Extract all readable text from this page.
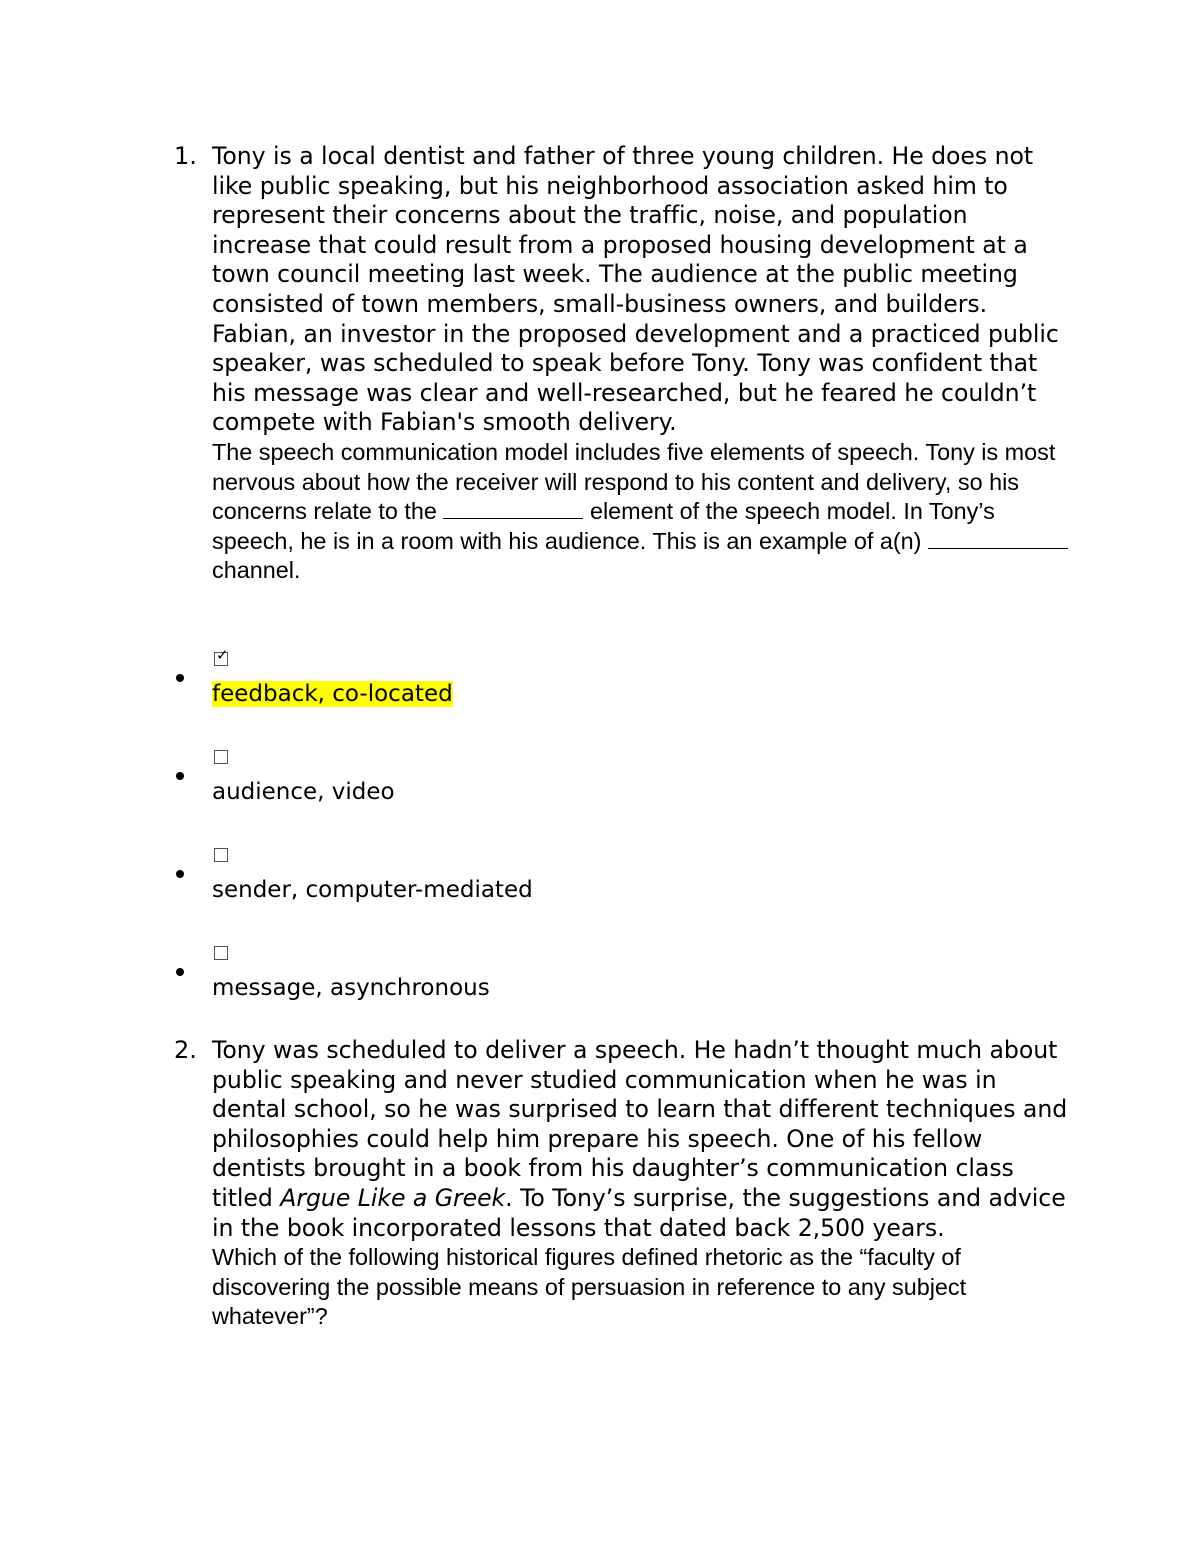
1. Tony is a local dentist and father of three young children. He does not like public speaking, but his neighborhood association asked him to represent their concerns about the traffic, noise, and population increase that could result from a proposed housing development at a town council meeting last week. The audience at the public meeting consisted of town members, small-business owners, and builders.

Fabian, an investor in the proposed development and a practiced public speaker, was scheduled to speak before Tony. Tony was confident that his message was clear and well-researched, but he feared he couldn’t compete with Fabian's smooth delivery.

The speech communication model includes five elements of speech. Tony is most nervous about how the receiver will respond to his content and delivery, so his concerns relate to the	element of the speech model. In Tony’s speech, he is in a room with his audience. This is an example of a(n)  channel.

✓
feedback, co-located
audience, video
sender, computer-mediated
message, asynchronous
2. Tony was scheduled to deliver a speech. He hadn’t thought much about public speaking and never studied communication when he was in dental school, so he was surprised to learn that different techniques and philosophies could help him prepare his speech. One of his fellow dentists brought in a book from his daughter’s communication class titled Argue Like a Greek. To Tony’s surprise, the suggestions and advice in the book incorporated lessons that dated back 2,500 years.

Which of the following historical figures defined rhetoric as the “faculty of discovering the possible means of persuasion in reference to any subject whatever”?
